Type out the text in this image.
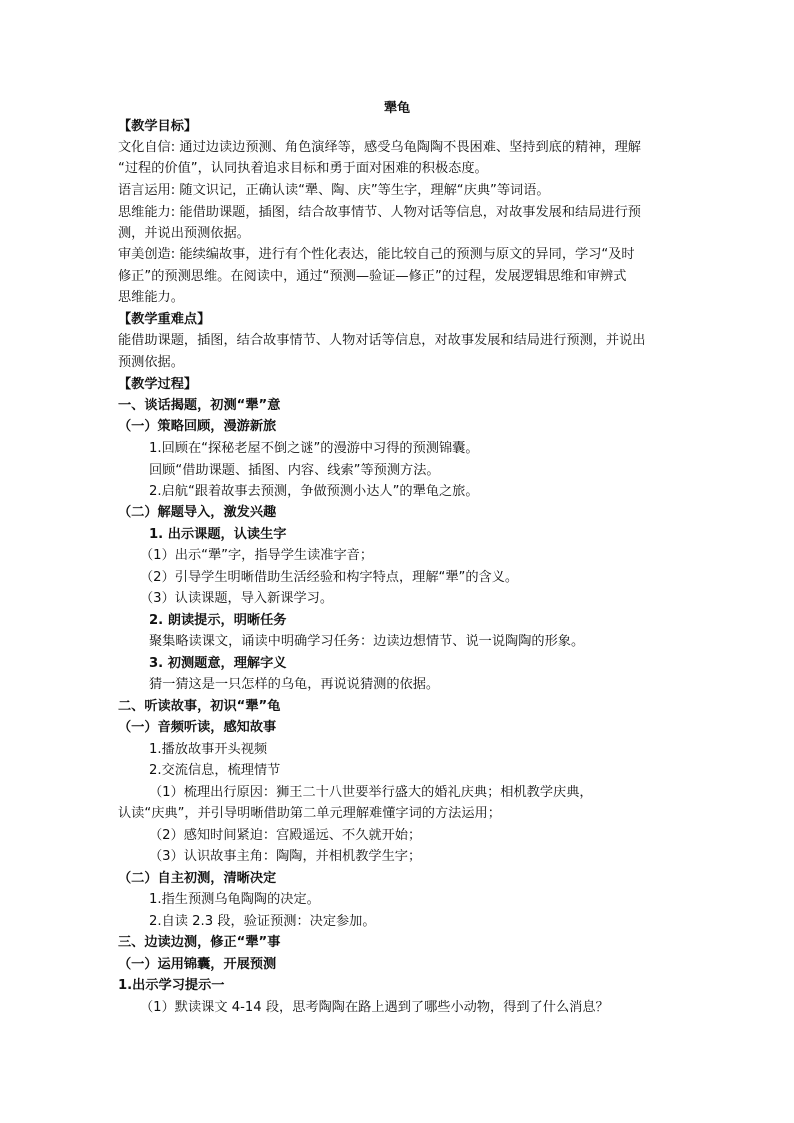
犟龟
【教学目标】
文化自信: 通过边读边预测、角色演绎等，感受乌龟陶陶不畏困难、坚持到底的精神，理解
“过程的价值”，认同执着追求目标和勇于面对困难的积极态度。
语言运用: 随文识记，正确认读“犟、陶、庆”等生字，理解“庆典”等词语。
思维能力: 能借助课题，插图，结合故事情节、人物对话等信息，对故事发展和结局进行预
测，并说出预测依据。
审美创造: 能续编故事，进行有个性化表达，能比较自己的预测与原文的异同，学习“及时
修正”的预测思维。在阅读中，通过“预测—验证—修正”的过程，发展逻辑思维和审辨式
思维能力。
【教学重难点】
能借助课题，插图，结合故事情节、人物对话等信息，对故事发展和结局进行预测，并说出
预测依据。
【教学过程】
一、谈话揭题，初测“犟”意
（一）策略回顾，漫游新旅
1.回顾在“探秘老屋不倒之谜”的漫游中习得的预测锦囊。
回顾“借助课题、插图、内容、线索”等预测方法。
2.启航“跟着故事去预测，争做预测小达人”的犟龟之旅。
（二）解题导入，激发兴趣
1. 出示课题，认读生字
（1）出示“犟”字，指导学生读准字音；
（2）引导学生明晰借助生活经验和构字特点，理解“犟”的含义。
（3）认读课题，导入新课学习。
2. 朗读提示，明晰任务
聚集略读课文，诵读中明确学习任务：边读边想情节、说一说陶陶的形象。
3. 初测题意，理解字义
猜一猜这是一只怎样的乌龟，再说说猜测的依据。
二、听读故事，初识“犟”龟
（一）音频听读，感知故事
1.播放故事开头视频
2.交流信息，梳理情节
（1）梳理出行原因：狮王二十八世要举行盛大的婚礼庆典；相机教学庆典，
认读“庆典”，并引导明晰借助第二单元理解难懂字词的方法运用；
（2）感知时间紧迫：宫殿遥远、不久就开始；
（3）认识故事主角：陶陶，并相机教学生字；
（二）自主初测，清晰决定
1.指生预测乌龟陶陶的决定。
2.自读 2.3 段，验证预测：决定参加。
三、边读边测，修正“犟”事
（一）运用锦囊，开展预测
1.出示学习提示一
（1）默读课文 4-14 段，思考陶陶在路上遇到了哪些小动物，得到了什么消息？
